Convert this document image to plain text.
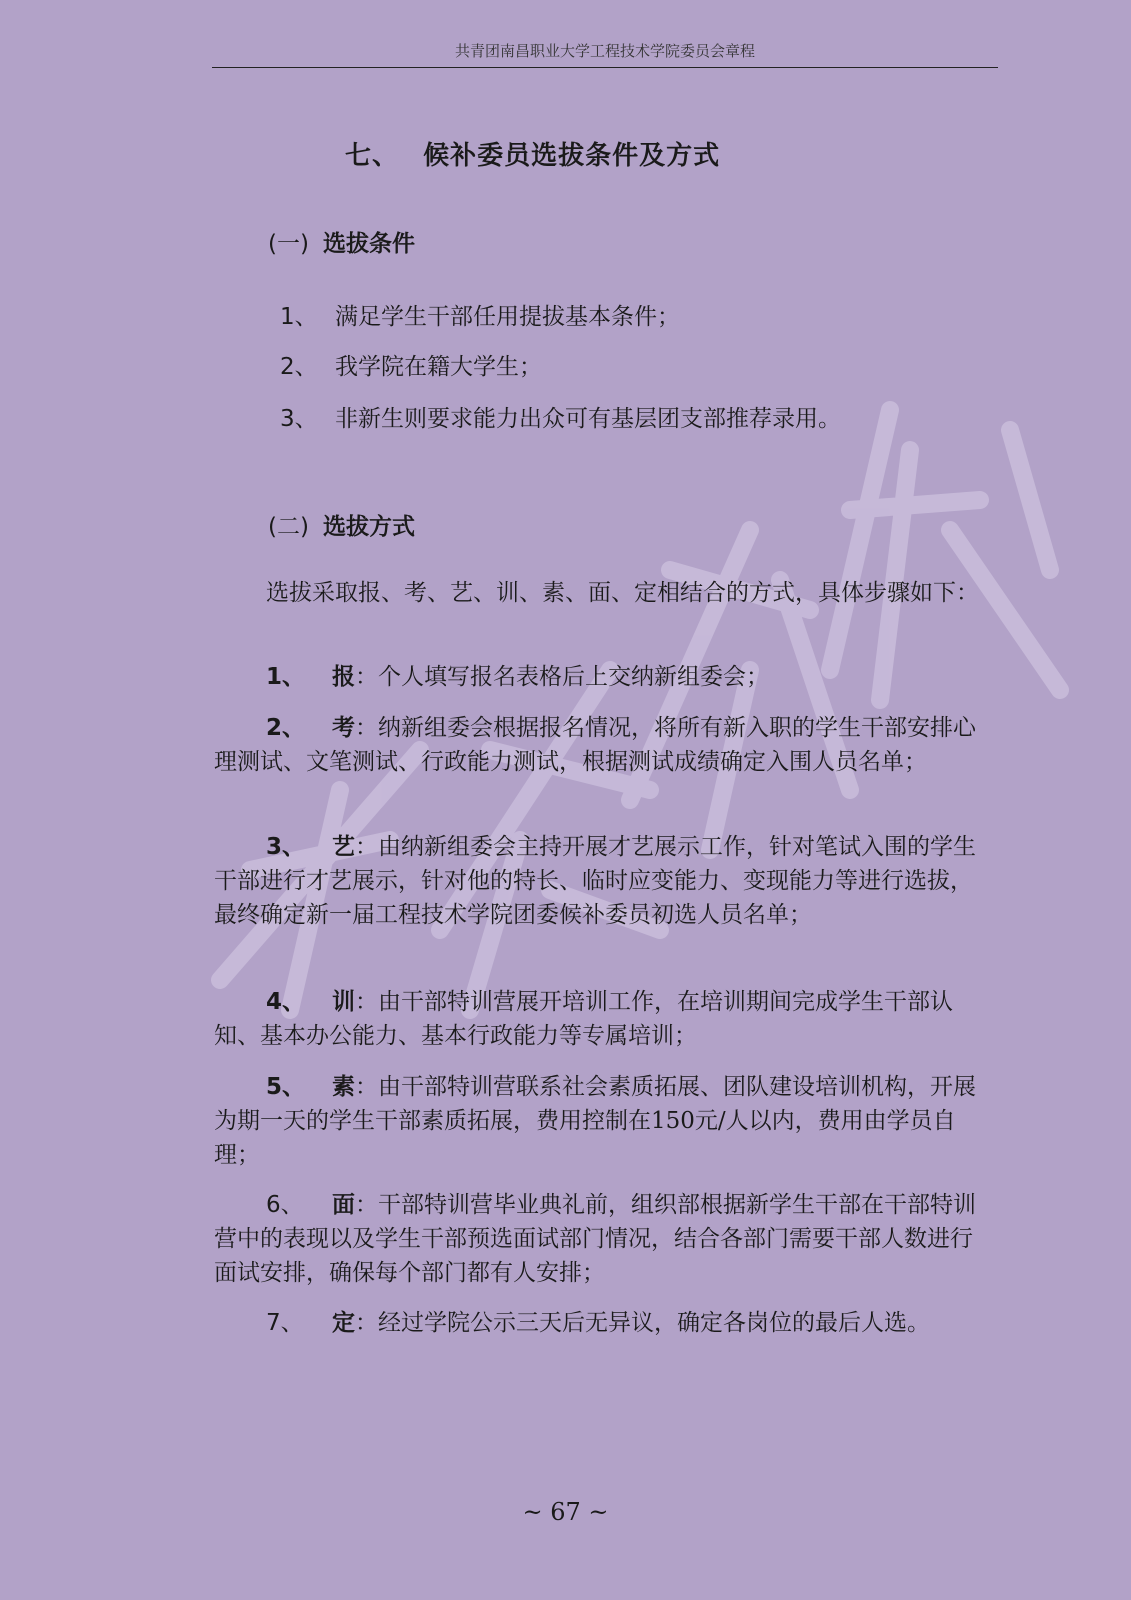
共青团南昌职业大学工程技术学院委员会章程
七、 候补委员选拔条件及方式
(一) 选拔条件
1、 满足学生干部任用提拔基本条件；
2、 我学院在籍大学生；
3、 非新生则要求能力出众可有基层团支部推荐录用。
(二) 选拔方式
选拔采取报、考、艺、训、素、面、定相结合的方式，具体步骤如下：
1、 报：个人填写报名表格后上交纳新组委会；
2、 考：纳新组委会根据报名情况，将所有新入职的学生干部安排心理测试、文笔测试、行政能力测试，根据测试成绩确定入围人员名单；
3、 艺：由纳新组委会主持开展才艺展示工作，针对笔试入围的学生干部进行才艺展示，针对他的特长、临时应变能力、变现能力等进行选拔，最终确定新一届工程技术学院团委候补委员初选人员名单；
4、 训：由干部特训营展开培训工作，在培训期间完成学生干部认知、基本办公能力、基本行政能力等专属培训；
5、 素：由干部特训营联系社会素质拓展、团队建设培训机构，开展为期一天的学生干部素质拓展，费用控制在150元/人以内，费用由学员自理；
6、 面：干部特训营毕业典礼前，组织部根据新学生干部在干部特训营中的表现以及学生干部预选面试部门情况，结合各部门需要干部人数进行面试安排，确保每个部门都有人安排；
7、 定：经过学院公示三天后无异议，确定各岗位的最后人选。
~ 67 ~
